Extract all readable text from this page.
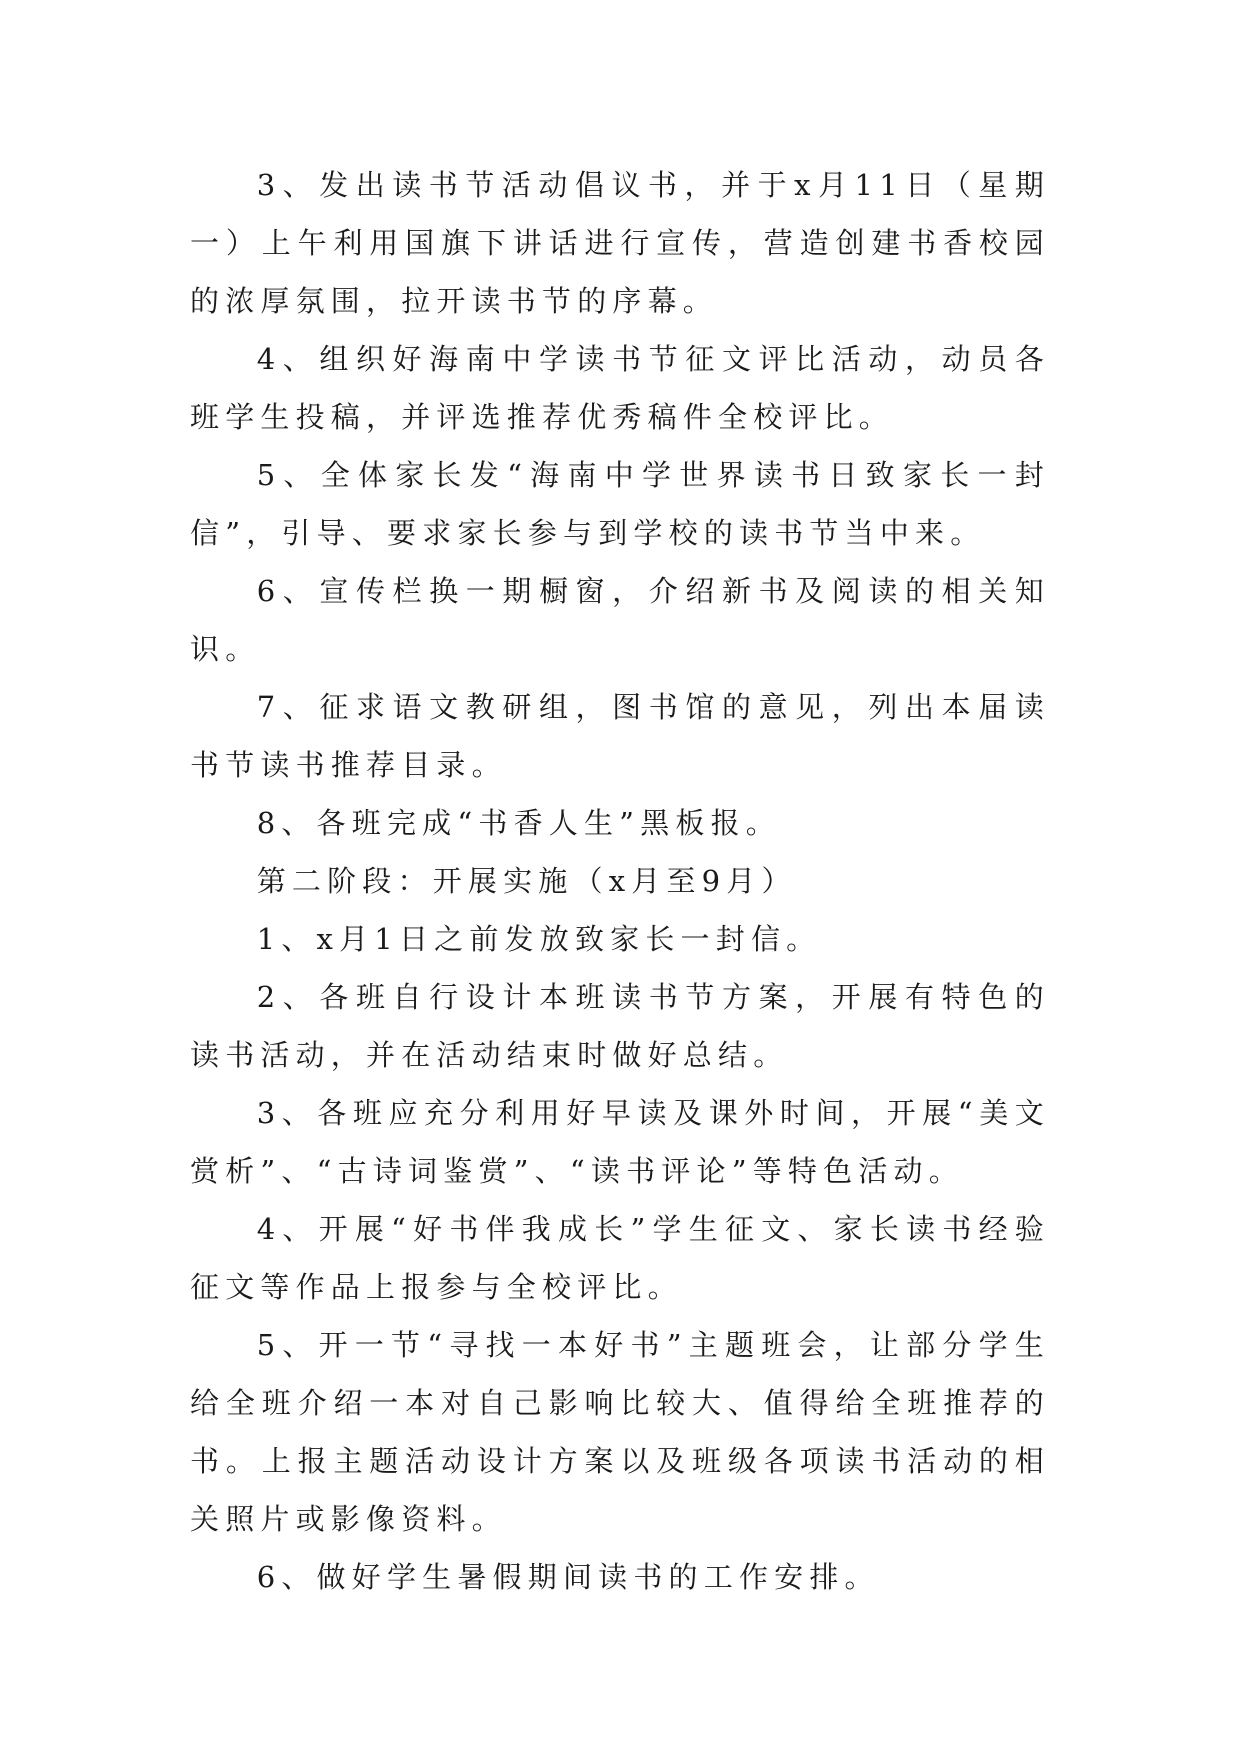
3、发出读书节活动倡议书，并于x月11日（星期一）上午利用国旗下讲话进行宣传，营造创建书香校园的浓厚氛围，拉开读书节的序幕。

4、组织好海南中学读书节征文评比活动，动员各班学生投稿，并评选推荐优秀稿件全校评比。

5、全体家长发“海南中学世界读书日致家长一封信”，引导、要求家长参与到学校的读书节当中来。

6、宣传栏换一期橱窗，介绍新书及阅读的相关知识。

7、征求语文教研组，图书馆的意见，列出本届读书节读书推荐目录。

8、各班完成“书香人生”黑板报。

第二阶段：开展实施（x月至9月）

1、x月1日之前发放致家长一封信。

2、各班自行设计本班读书节方案，开展有特色的读书活动，并在活动结束时做好总结。

3、各班应充分利用好早读及课外时间，开展“美文赏析”、“古诗词鉴赏”、“读书评论”等特色活动。

4、开展“好书伴我成长”学生征文、家长读书经验征文等作品上报参与全校评比。

5、开一节“寻找一本好书”主题班会，让部分学生给全班介绍一本对自己影响比较大、值得给全班推荐的书。上报主题活动设计方案以及班级各项读书活动的相关照片或影像资料。

6、做好学生暑假期间读书的工作安排。
